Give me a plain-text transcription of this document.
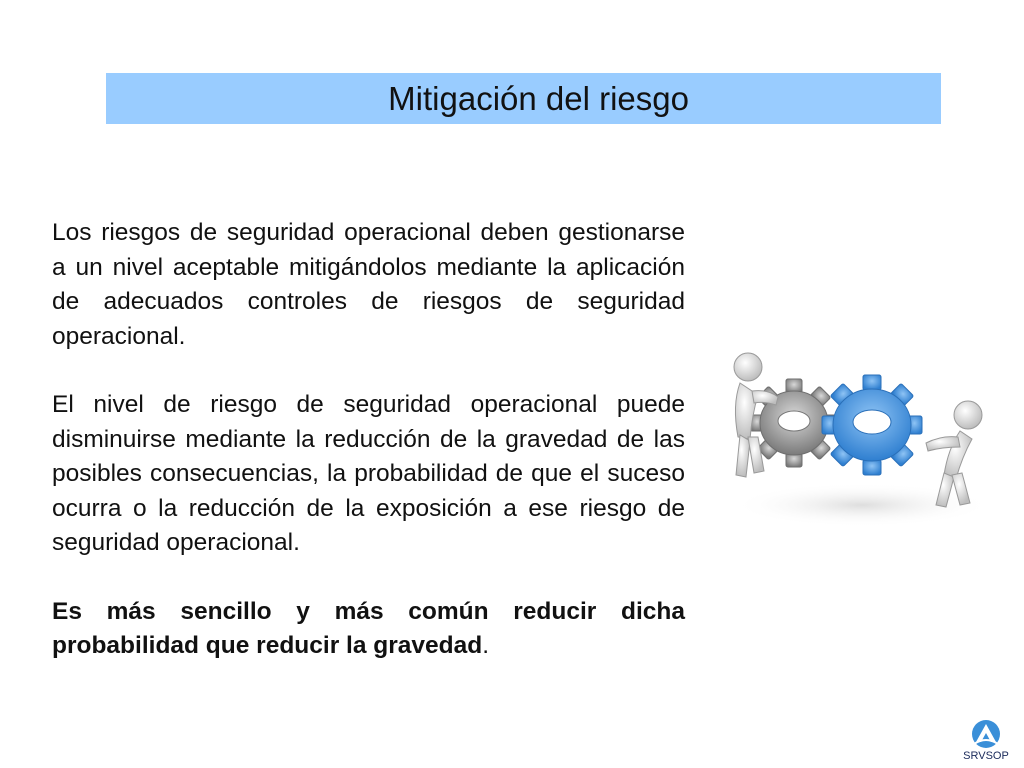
Mitigación del riesgo

Los riesgos de seguridad operacional deben gestionarse a un nivel aceptable mitigándolos mediante la aplicación de adecuados controles de riesgos de seguridad operacional.

El nivel de riesgo de seguridad operacional puede disminuirse mediante la reducción de la gravedad de las posibles consecuencias, la probabilidad de que el suceso ocurra o la reducción de la exposición a ese riesgo de seguridad operacional.

Es más sencillo y más común reducir dicha probabilidad que reducir la gravedad.

SRVSOP
